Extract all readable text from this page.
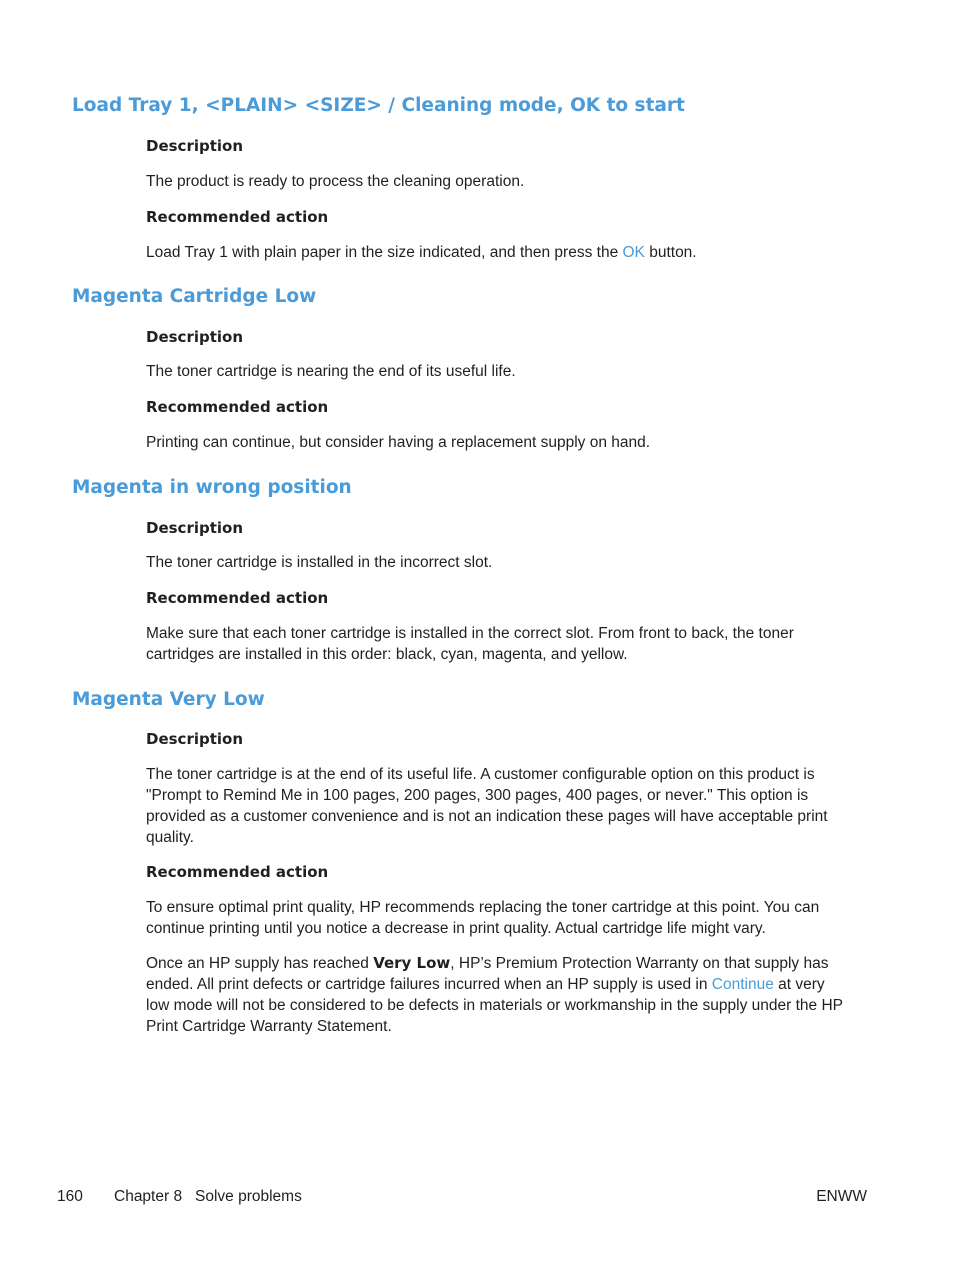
Load Tray 1, <PLAIN> <SIZE> / Cleaning mode, OK to start
Description

The product is ready to process the cleaning operation.

Recommended action

Load Tray 1 with plain paper in the size indicated, and then press the OK button.

Magenta Cartridge Low
Description

The toner cartridge is nearing the end of its useful life.

Recommended action

Printing can continue, but consider having a replacement supply on hand.

Magenta in wrong position
Description

The toner cartridge is installed in the incorrect slot.

Recommended action

Make sure that each toner cartridge is installed in the correct slot. From front to back, the toner cartridges are installed in this order: black, cyan, magenta, and yellow.

Magenta Very Low
Description

The toner cartridge is at the end of its useful life. A customer configurable option on this product is "Prompt to Remind Me in 100 pages, 200 pages, 300 pages, 400 pages, or never." This option is provided as a customer convenience and is not an indication these pages will have acceptable print quality.

Recommended action

To ensure optimal print quality, HP recommends replacing the toner cartridge at this point. You can continue printing until you notice a decrease in print quality. Actual cartridge life might vary.

Once an HP supply has reached Very Low, HP’s Premium Protection Warranty on that supply has ended. All print defects or cartridge failures incurred when an HP supply is used in Continue at very low mode will not be considered to be defects in materials or workmanship in the supply under the HP Print Cartridge Warranty Statement.

160 Chapter 8   Solve problems	ENWW
